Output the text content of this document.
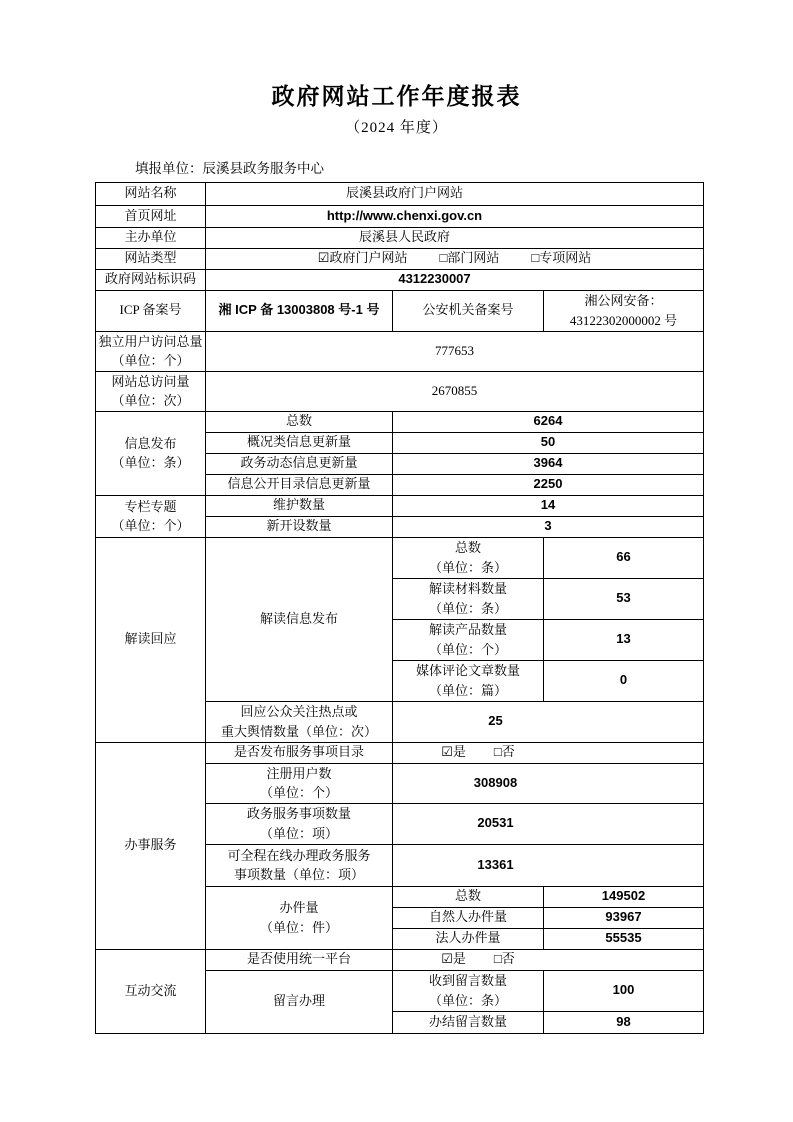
政府网站工作年度报表
（2024 年度）
填报单位：辰溪县政务服务中心
网站名称	辰溪县政府门户网站		
首页网址	http://www.chenxi.gov.cn		
主办单位	辰溪县人民政府		
网站类型	☑政府门户网站 □部门网站 □专项网站		

政府网站标识码	4312230007		
ICP 备案号	湘 ICP 备 13003808 号-1 号	公安机关备案号	湘公网安备：
43122302000002 号

独立用户访问总量
（单位：个）	777653		

网站总访问量
（单位：次）	2670855		

信息发布
（单位：条）	总数	6264	
	概况类信息更新量	50	
	政务动态信息更新量	3964	
	信息公开目录信息更新量	2250	

专栏专题
（单位：个）	维护数量	14	
	新开设数量	3	
解读回应	解读信息发布	总数
（单位：条）	66

		解读材料数量
（单位：条）	53

		解读产品数量
（单位：个）	13

		媒体评论文章数量
（单位：篇）	0

	回应公众关注热点或
重大舆情数量（单位：次）	25	
办事服务	是否发布服务事项目录	☑是 □否	

	注册用户数
（单位：个）	308908	

	政务服务事项数量
（单位：项）	20531	

	可全程在线办理政务服务
事项数量（单位：项）	13361	

	办件量
（单位：件）	总数	149502
		自然人办件量	93967
		法人办件量	55535
互动交流	是否使用统一平台	☑是 □否	

	留言办理	收到留言数量
（单位：条）	100
		办结留言数量	98
